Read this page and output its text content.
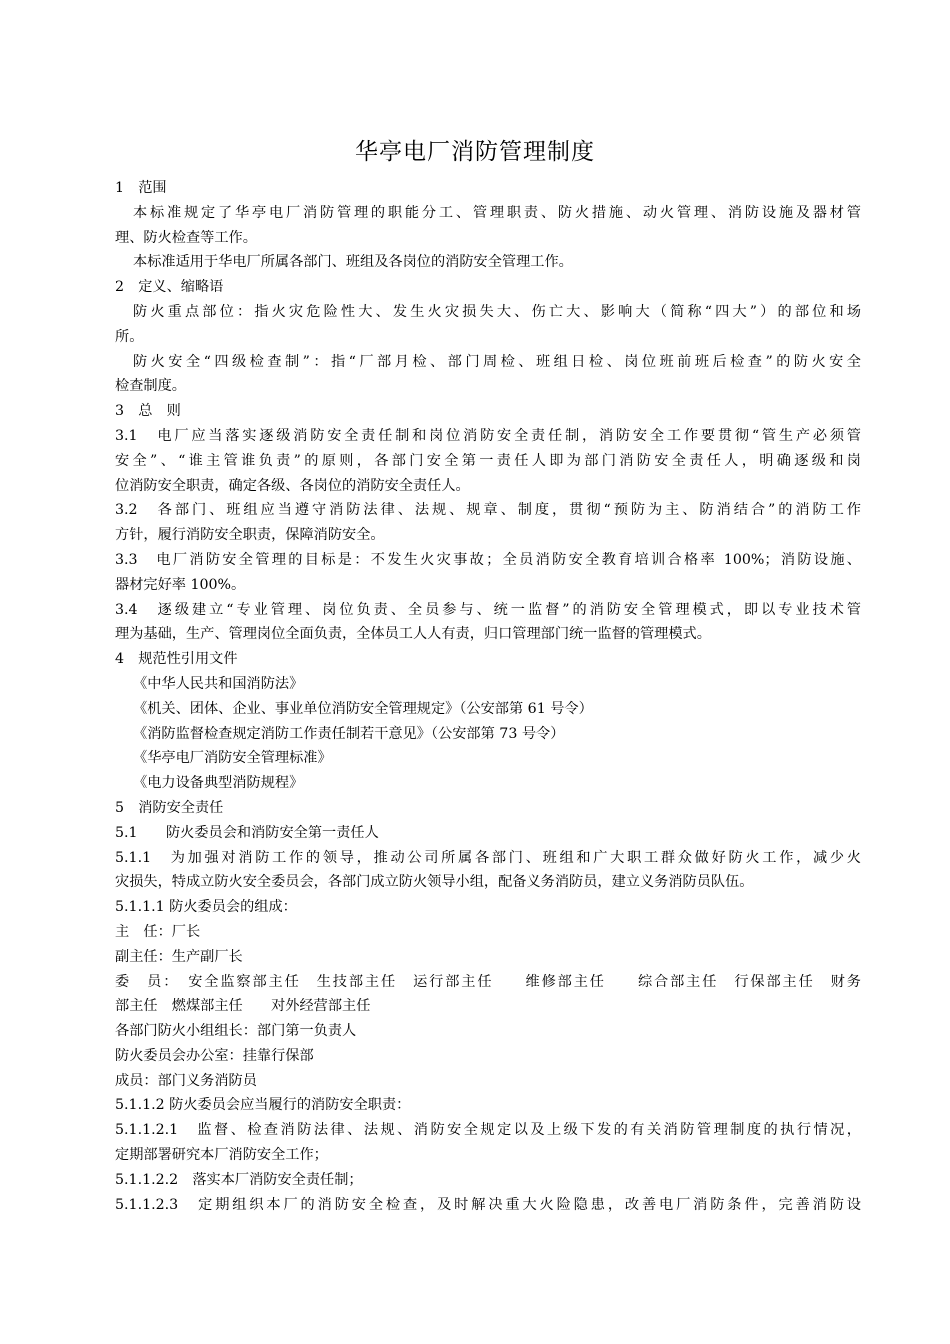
华亭电厂消防管理制度
1　范围
本标准规定了华亭电厂消防管理的职能分工、管理职责、防火措施、动火管理、消防设施及器材管
理、防火检查等工作。
本标准适用于华电厂所属各部门、班组及各岗位的消防安全管理工作。
2　定义、缩略语
防火重点部位：指火灾危险性大、发生火灾损失大、伤亡大、影响大（简称“四大”）的部位和场
所。
防火安全“四级检查制”：指“厂部月检、部门周检、班组日检、岗位班前班后检查”的防火安全
检查制度。
3　总　则
3.1　电厂应当落实逐级消防安全责任制和岗位消防安全责任制，消防安全工作要贯彻“管生产必须管
安全”、“谁主管谁负责”的原则，各部门安全第一责任人即为部门消防安全责任人，明确逐级和岗
位消防安全职责，确定各级、各岗位的消防安全责任人。
3.2　各部门、班组应当遵守消防法律、法规、规章、制度，贯彻“预防为主、防消结合”的消防工作
方针，履行消防安全职责，保障消防安全。
3.3　电厂消防安全管理的目标是：不发生火灾事故；全员消防安全教育培训合格率 100%；消防设施、
器材完好率 100%。
3.4　逐级建立“专业管理、岗位负责、全员参与、统一监督”的消防安全管理模式，即以专业技术管
理为基础，生产、管理岗位全面负责，全体员工人人有责，归口管理部门统一监督的管理模式。
4　规范性引用文件
《中华人民共和国消防法》
《机关、团体、企业、事业单位消防安全管理规定》（公安部第 61 号令）
《消防监督检查规定消防工作责任制若干意见》（公安部第 73 号令）
《华亭电厂消防安全管理标准》
《电力设备典型消防规程》
5　消防安全责任
5.1　　防火委员会和消防安全第一责任人
5.1.1　为加强对消防工作的领导，推动公司所属各部门、班组和广大职工群众做好防火工作，减少火
灾损失，特成立防火安全委员会，各部门成立防火领导小组，配备义务消防员，建立义务消防员队伍。
5.1.1.1 防火委员会的组成：
主　任：厂长
副主任：生产副厂长
委　员：　安全监察部主任　生技部主任　运行部主任　　维修部主任　　综合部主任　行保部主任　财务
部主任　燃煤部主任　　对外经营部主任
各部门防火小组组长：部门第一负责人
防火委员会办公室：挂靠行保部
成员：部门义务消防员
5.1.1.2 防火委员会应当履行的消防安全职责：
5.1.1.2.1　监督、检查消防法律、法规、消防安全规定以及上级下发的有关消防管理制度的执行情况，
定期部署研究本厂消防安全工作；
5.1.1.2.2　落实本厂消防安全责任制；
5.1.1.2.3　定期组织本厂的消防安全检查，及时解决重大火险隐患，改善电厂消防条件，完善消防设
